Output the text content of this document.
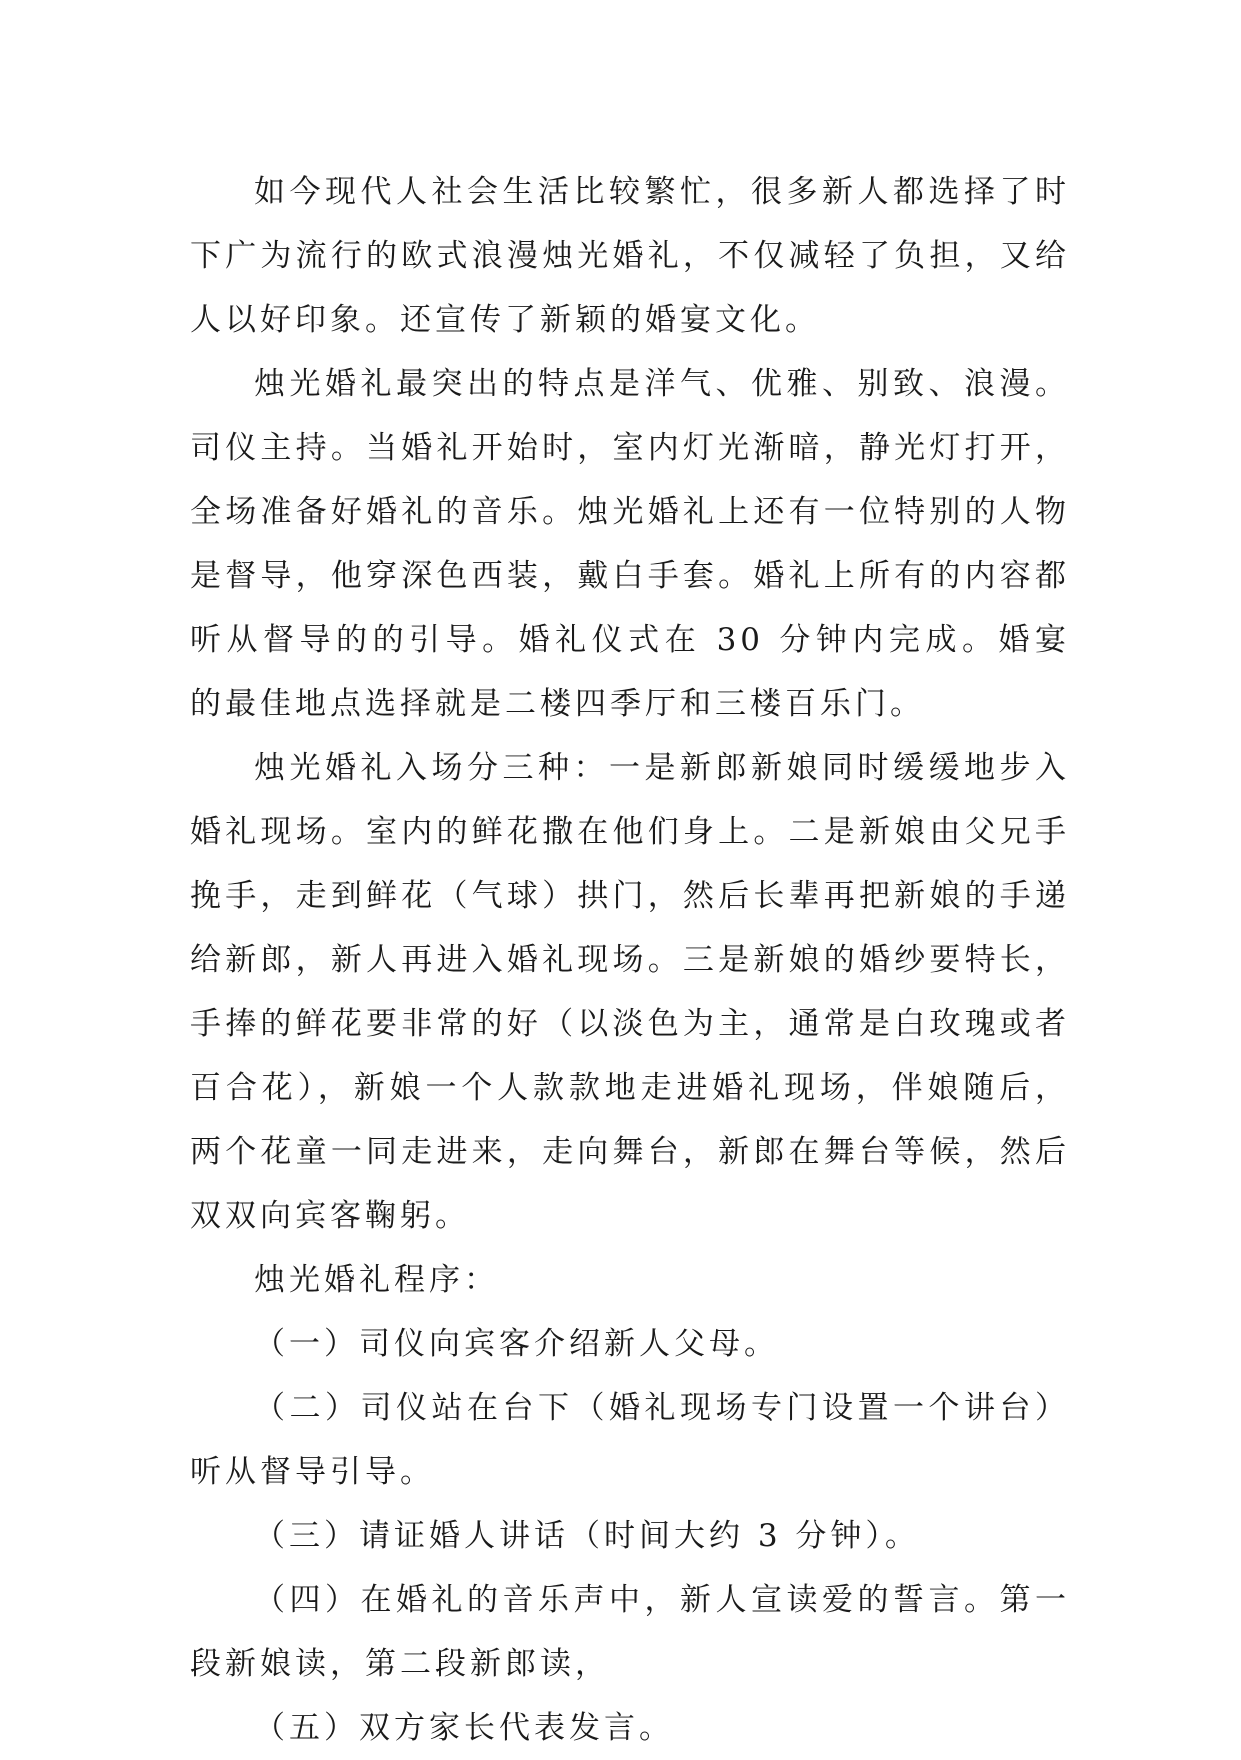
如今现代人社会生活比较繁忙，很多新人都选择了时下广为流行的欧式浪漫烛光婚礼，不仅减轻了负担，又给人以好印象。还宣传了新颖的婚宴文化。

烛光婚礼最突出的特点是洋气、优雅、别致、浪漫。司仪主持。当婚礼开始时，室内灯光渐暗，静光灯打开，全场准备好婚礼的音乐。烛光婚礼上还有一位特别的人物是督导，他穿深色西装，戴白手套。婚礼上所有的内容都听从督导的的引导。婚礼仪式在 30 分钟内完成。婚宴的最佳地点选择就是二楼四季厅和三楼百乐门。

烛光婚礼入场分三种：一是新郎新娘同时缓缓地步入婚礼现场。室内的鲜花撒在他们身上。二是新娘由父兄手挽手，走到鲜花（气球）拱门，然后长辈再把新娘的手递给新郎，新人再进入婚礼现场。三是新娘的婚纱要特长，手捧的鲜花要非常的好（以淡色为主，通常是白玫瑰或者百合花），新娘一个人款款地走进婚礼现场，伴娘随后，两个花童一同走进来，走向舞台，新郎在舞台等候，然后双双向宾客鞠躬。

烛光婚礼程序：

（一）司仪向宾客介绍新人父母。

（二）司仪站在台下（婚礼现场专门设置一个讲台）听从督导引导。

（三）请证婚人讲话（时间大约 3 分钟）。

（四）在婚礼的音乐声中，新人宣读爱的誓言。第一段新娘读，第二段新郎读，

（五）双方家长代表发言。
